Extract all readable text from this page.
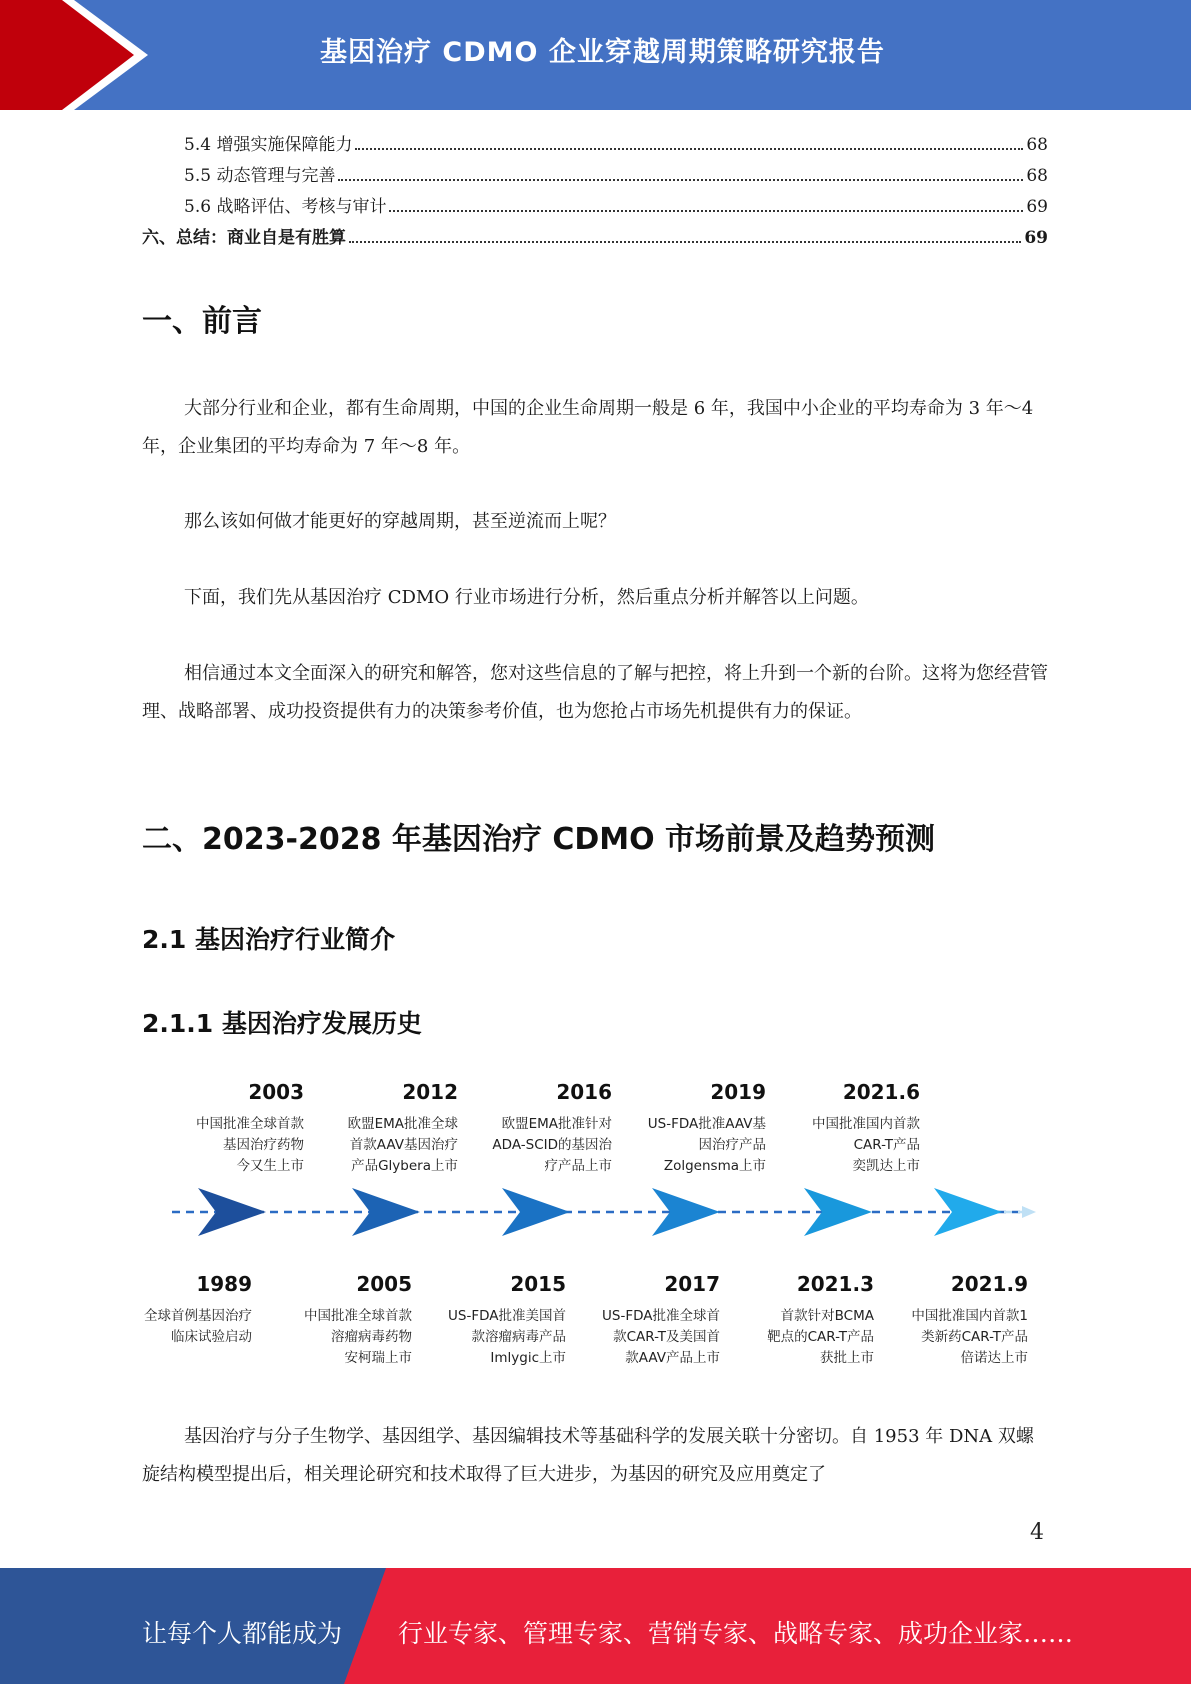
基因治疗 CDMO 企业穿越周期策略研究报告
5.4 增强实施保障能力	68
5.5 动态管理与完善	68
5.6 战略评估、考核与审计	69
六、总结：商业自是有胜算	69
一、前言
大部分行业和企业，都有生命周期，中国的企业生命周期一般是 6 年，我国中小企业的平均寿命为 3 年～4 年，企业集团的平均寿命为 7 年～8 年。
那么该如何做才能更好的穿越周期，甚至逆流而上呢？
下面，我们先从基因治疗 CDMO 行业市场进行分析，然后重点分析并解答以上问题。
相信通过本文全面深入的研究和解答，您对这些信息的了解与把控，将上升到一个新的台阶。这将为您经营管理、战略部署、成功投资提供有力的决策参考价值，也为您抢占市场先机提供有力的保证。
二、2023-2028 年基因治疗 CDMO 市场前景及趋势预测
2.1 基因治疗行业简介
2.1.1 基因治疗发展历史
2003
中国批准全球首款
基因治疗药物
今又生上市
2012
欧盟EMA批准全球
首款AAV基因治疗
产品Glybera上市
2016
欧盟EMA批准针对
ADA-SCID的基因治
疗产品上市
2019
US-FDA批准AAV基
因治疗产品
Zolgensma上市
2021.6
中国批准国内首款
CAR-T产品
奕凯达上市
1989
全球首例基因治疗
临床试验启动
2005
中国批准全球首款
溶瘤病毒药物
安柯瑞上市
2015
US-FDA批准美国首
款溶瘤病毒产品
Imlygic上市
2017
US-FDA批准全球首
款CAR-T及美国首
款AAV产品上市
2021.3
首款针对BCMA
靶点的CAR-T产品
获批上市
2021.9
中国批准国内首款1
类新药CAR-T产品
倍诺达上市
基因治疗与分子生物学、基因组学、基因编辑技术等基础科学的发展关联十分密切。自 1953 年 DNA 双螺旋结构模型提出后，相关理论研究和技术取得了巨大进步，为基因的研究及应用奠定了
4
让每个人都能成为 行业专家、管理专家、营销专家、战略专家、成功企业家……
